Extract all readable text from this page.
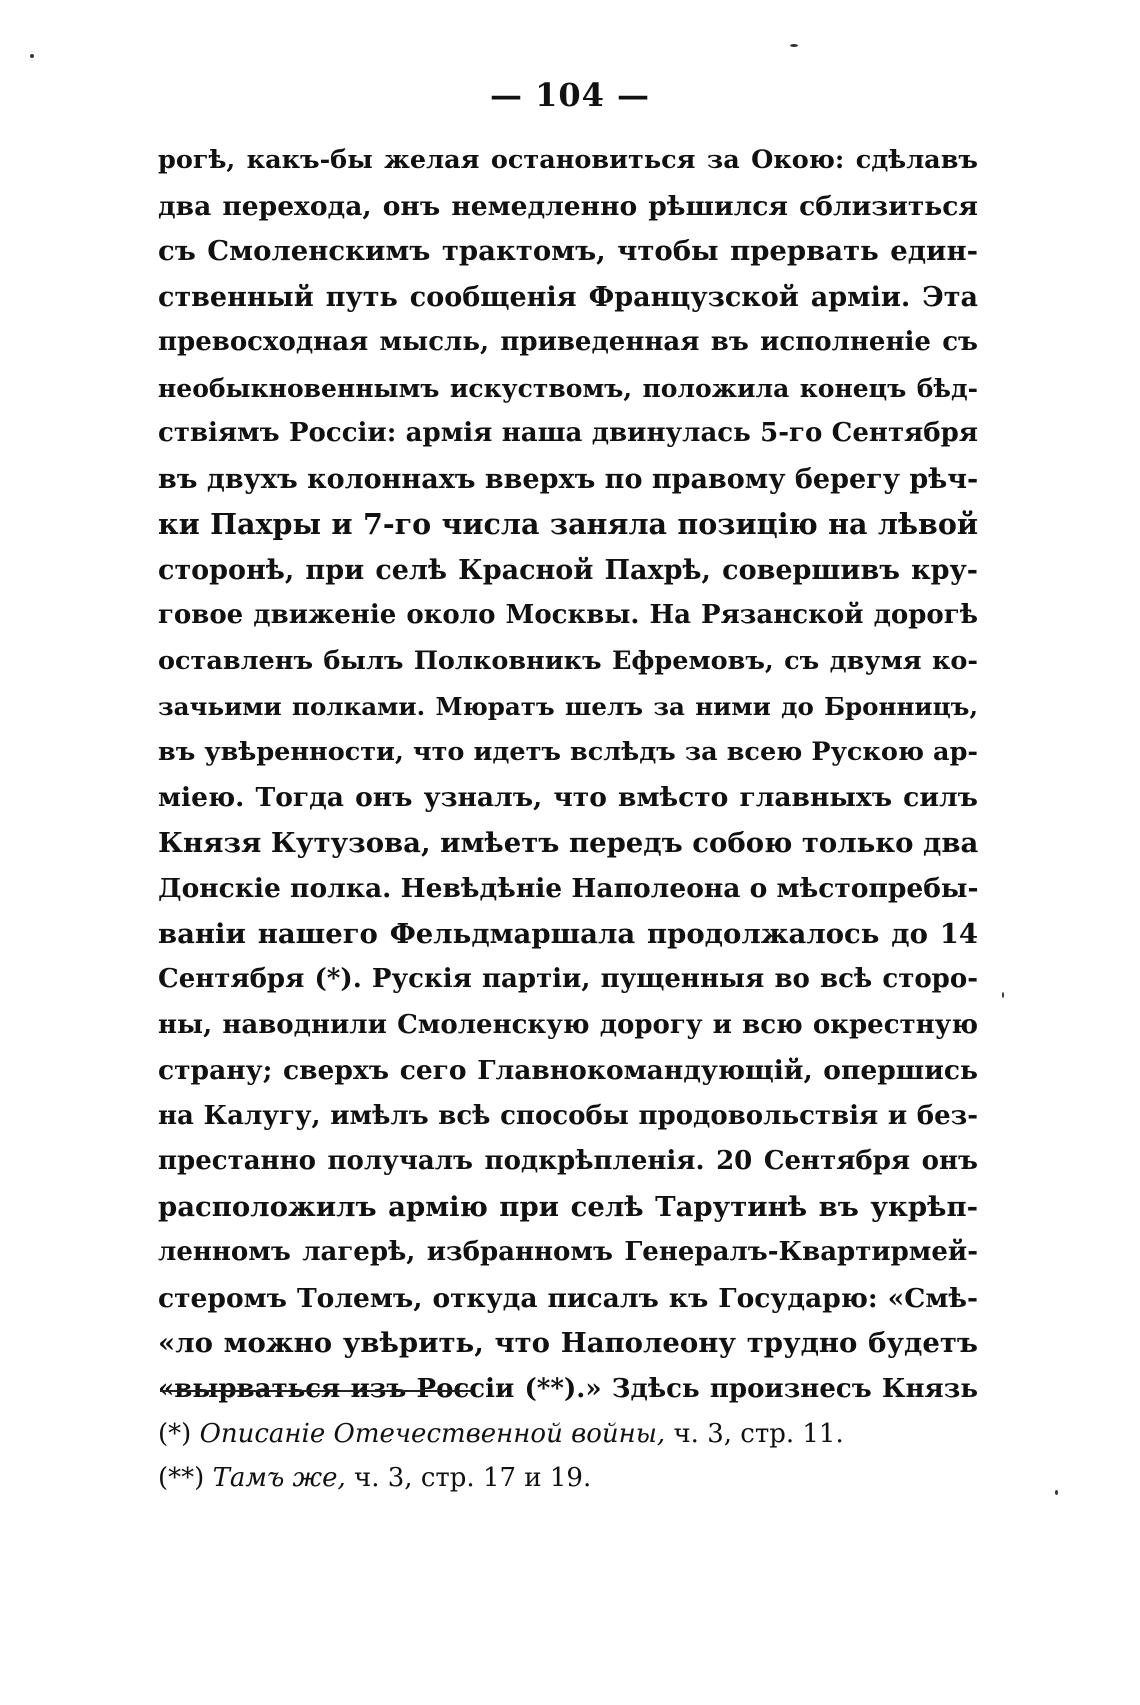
— 104 —
рогѣ, какъ-бы желая остановиться за Окою: сдѣлавъ
два перехода, онъ немедленно рѣшился сблизиться
съ Смоленскимъ трактомъ, чтобы прервать един-
ственный путь сообщенія Французской арміи. Эта
превосходная мысль, приведенная въ исполненіе съ
необыкновеннымъ искуствомъ, положила конецъ бѣд-
ствіямъ Россіи: армія наша двинулась 5-го Сентября
въ двухъ колоннахъ вверхъ по правому берегу рѣч-
ки Пахры и 7-го числа заняла позицію на лѣвой
сторонѣ, при селѣ Красной Пахрѣ, совершивъ кру-
говое движеніе около Москвы. На Рязанской дорогѣ
оставленъ былъ Полковникъ Ефремовъ, съ двумя ко-
зачьими полками. Мюратъ шелъ за ними до Бронницъ,
въ увѣренности, что идетъ вслѣдъ за всею Рускою ар-
міею. Тогда онъ узналъ, что вмѣсто главныхъ силъ
Князя Кутузова, имѣетъ передъ собою только два
Донскіе полка. Невѣдѣніе Наполеона о мѣстопребы-
ваніи нашего Фельдмаршала продолжалось до 14
Сентября (*). Рускія партіи, пущенныя во всѣ сторо-
ны, наводнили Смоленскую дорогу и всю окрестную
страну; сверхъ сего Главнокомандующій, опершись
на Калугу, имѣлъ всѣ способы продовольствія и без-
престанно получалъ подкрѣпленія. 20 Сентября онъ
расположилъ армію при селѣ Тарутинѣ въ укрѣп-
ленномъ лагерѣ, избранномъ Генералъ-Квартирмей-
стеромъ Толемъ, откуда писалъ къ Государю: «Смѣ-
«ло можно увѣрить, что Наполеону трудно будетъ
«вырваться изъ Россіи (**).» Здѣсь произнесъ Князь
(*) Описаніе Отечественной войны, ч. 3, стр. 11.
(**) Тамъ же, ч. 3, стр. 17 и 19.
